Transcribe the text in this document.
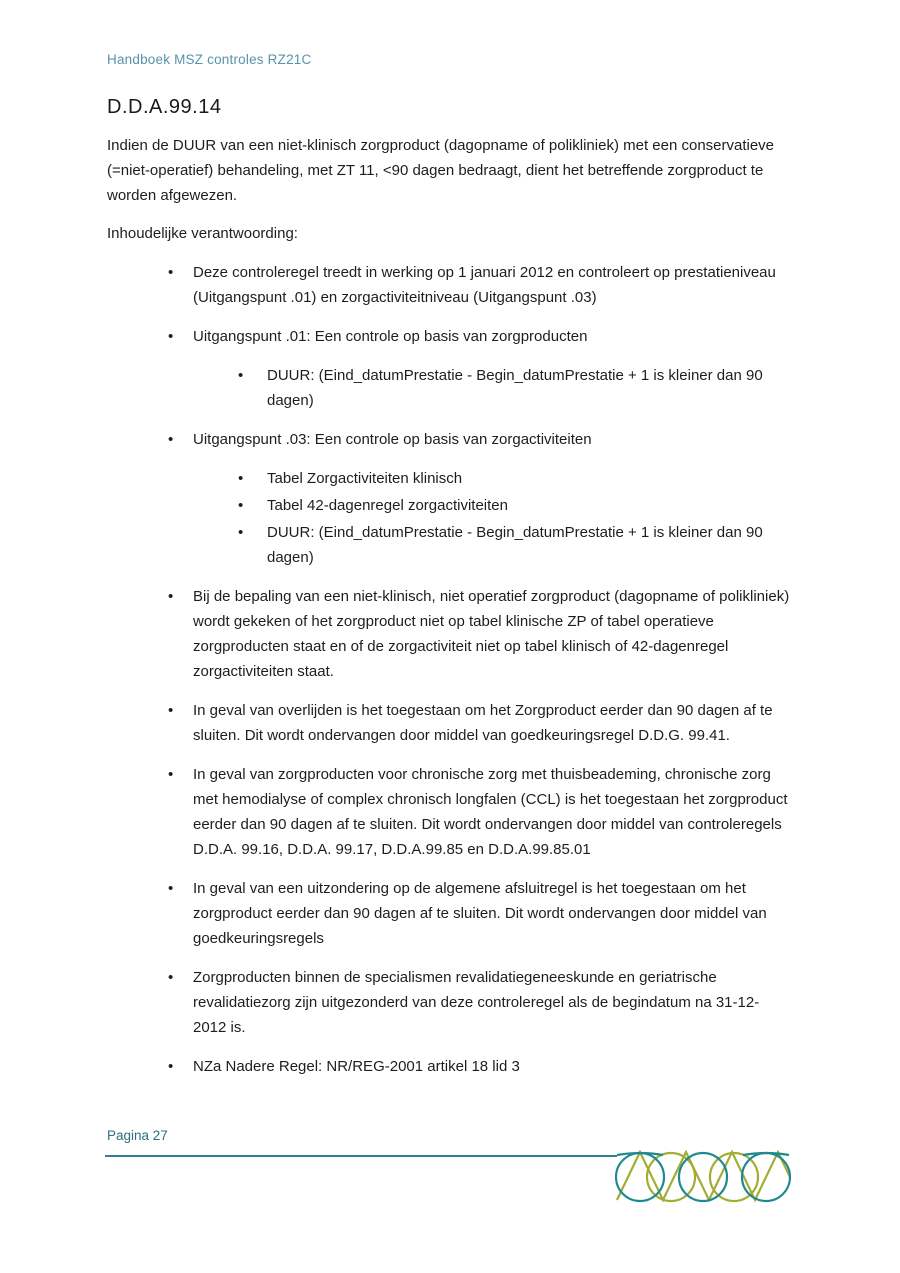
Handboek MSZ controles RZ21C
D.D.A.99.14

Indien de DUUR van een niet-klinisch zorgproduct (dagopname of polikliniek) met een conservatieve (=niet-operatief) behandeling, met ZT 11, <90 dagen bedraagt, dient het betreffende zorgproduct te worden afgewezen.

Inhoudelijke verantwoording:

• Deze controleregel treedt in werking op 1 januari 2012 en controleert op prestatieniveau (Uitgangspunt .01) en zorgactiviteitniveau (Uitgangspunt .03)
• Uitgangspunt .01: Een controle op basis van zorgproducten
• DUUR: (Eind_datumPrestatie - Begin_datumPrestatie + 1 is kleiner dan 90 dagen)
• Uitgangspunt .03: Een controle op basis van zorgactiviteiten
• Tabel Zorgactiviteiten klinisch
• Tabel 42-dagenregel zorgactiviteiten
• DUUR: (Eind_datumPrestatie - Begin_datumPrestatie + 1 is kleiner dan 90 dagen)
• Bij de bepaling van een niet-klinisch, niet operatief zorgproduct (dagopname of polikliniek) wordt gekeken of het zorgproduct niet op tabel klinische ZP of tabel operatieve zorgproducten staat en of de zorgactiviteit niet op tabel klinisch of 42-dagenregel zorgactiviteiten staat.
• In geval van overlijden is het toegestaan om het Zorgproduct eerder dan 90 dagen af te sluiten. Dit wordt ondervangen door middel van goedkeuringsregel D.D.G. 99.41.
• In geval van zorgproducten voor chronische zorg met thuisbeademing, chronische zorg met hemodialyse of complex chronisch longfalen (CCL) is het toegestaan het zorgproduct eerder dan 90 dagen af te sluiten. Dit wordt ondervangen door middel van controleregels D.D.A. 99.16, D.D.A. 99.17, D.D.A.99.85 en D.D.A.99.85.01
• In geval van een uitzondering op de algemene afsluitregel is het toegestaan om het zorgproduct eerder dan 90 dagen af te sluiten. Dit wordt ondervangen door middel van goedkeuringsregels
• Zorgproducten binnen de specialismen revalidatiegeneeskunde en geriatrische revalidatiezorg zijn uitgezonderd van deze controleregel als de begindatum na 31-12-2012 is.
• NZa Nadere Regel: NR/REG-2001 artikel 18 lid 3
Pagina 27
